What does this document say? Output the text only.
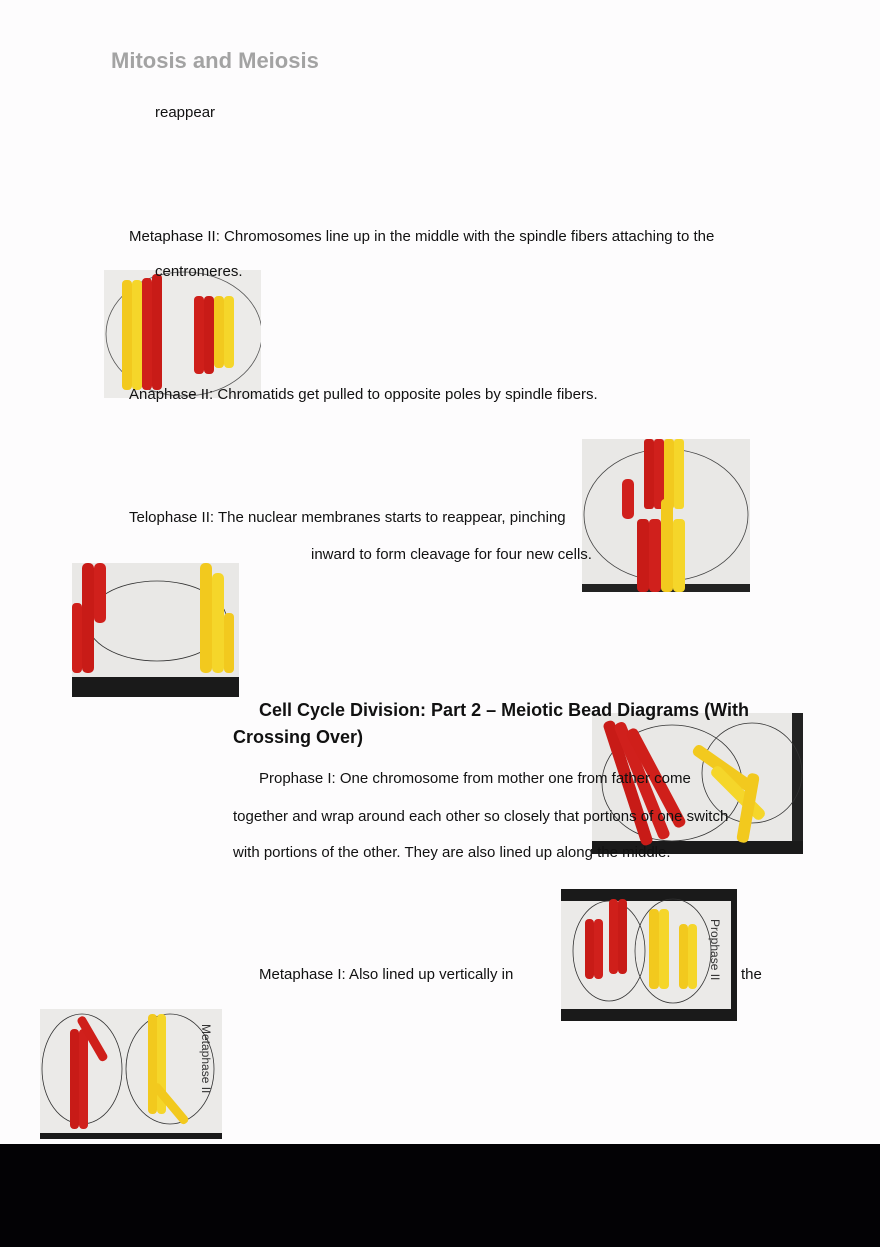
Mitosis and Meiosis
reappear
Metaphase II: Chromosomes line up in the middle with the spindle fibers attaching to the
centromeres.
Anaphase II: Chromatids get pulled to opposite poles by spindle fibers.
Telophase II: The nuclear membranes starts to reappear, pinching
inward to form cleavage for four new cells.
Cell Cycle Division: Part 2 – Meiotic Bead Diagrams (With
Crossing Over)
Prophase I: One chromosome from mother one from father come
together and wrap around each other so closely that portions of one switch
with portions of the other. They are also lined up along the middle.
Prophase II
Metaphase I: Also lined up vertically in	the
Metaphase II
